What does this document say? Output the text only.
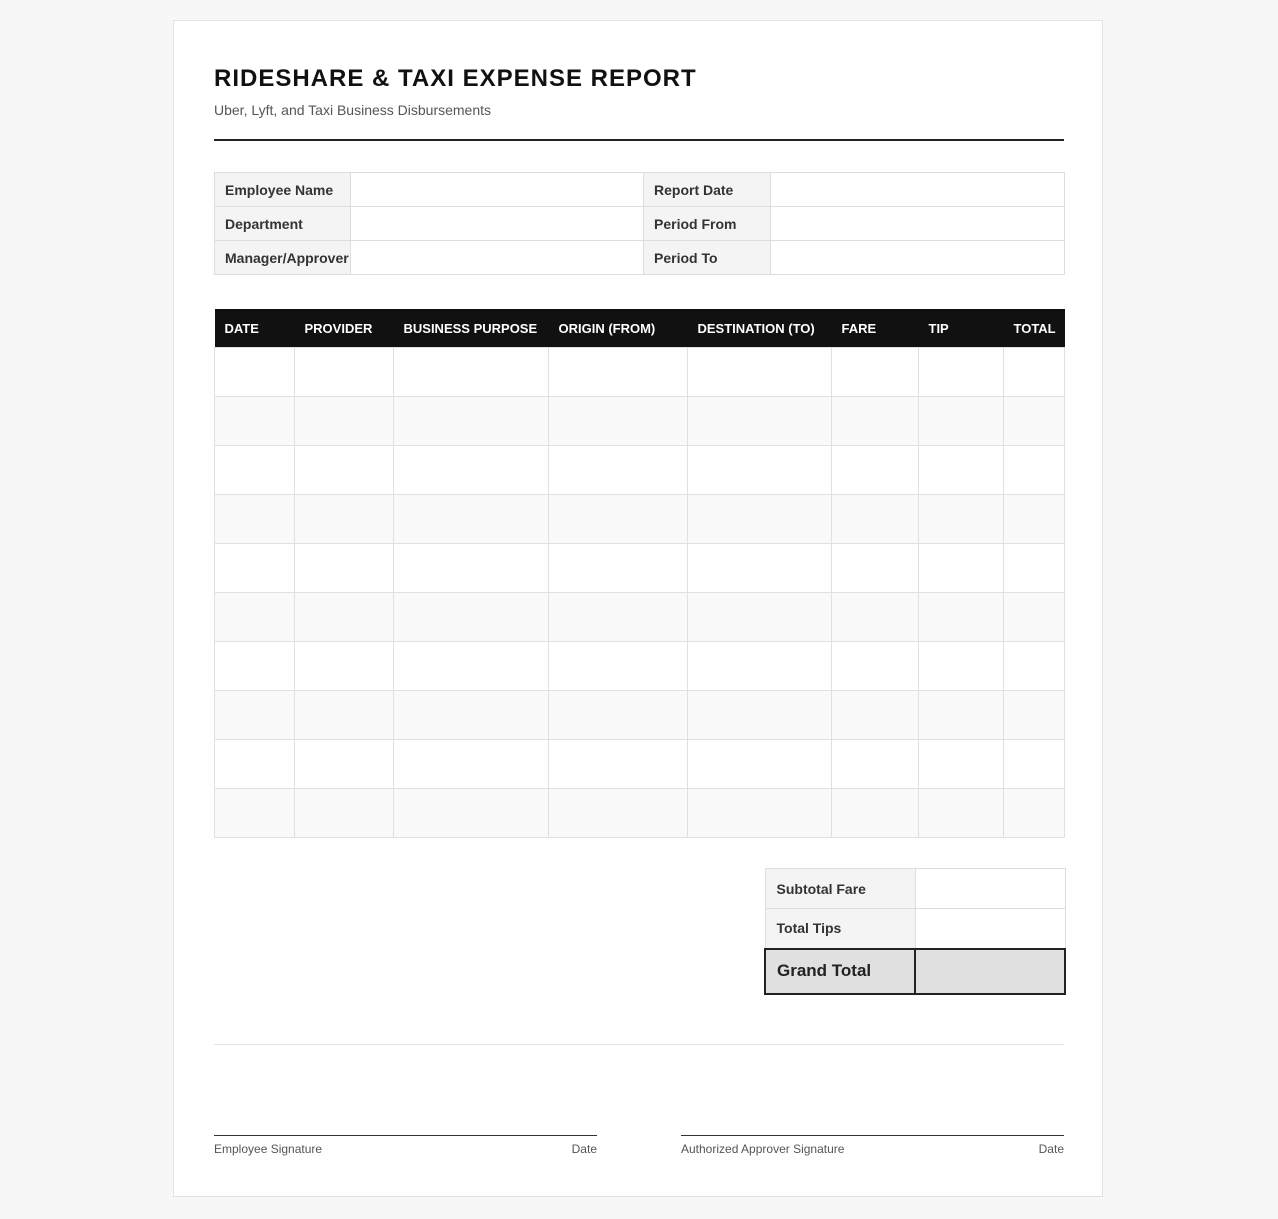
RIDESHARE & TAXI EXPENSE REPORT
Uber, Lyft, and Taxi Business Disbursements
Employee Name		Report Date	
Department		Period From	
Manager/Approver		Period To	
DATE	PROVIDER	BUSINESS PURPOSE	ORIGIN (FROM)	DESTINATION (TO)	FARE	TIP	TOTAL

Subtotal Fare	
Total Tips	
Grand Total	
Employee Signature	Date	Authorized Approver Signature	Date
